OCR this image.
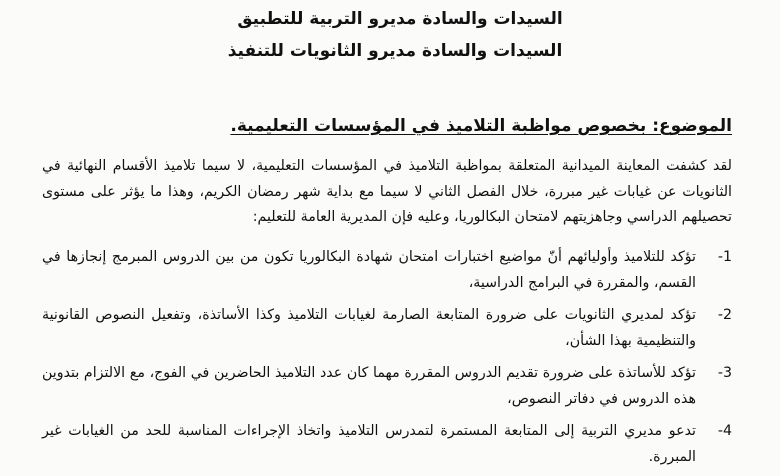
السيدات والسادة مديرو التربية للتطبيق
السيدات والسادة مديرو الثانويات للتنفيذ
الموضوع: بخصوص مواظبة التلاميذ في المؤسسات التعليمية.
لقد كشفت المعاينة الميدانية المتعلقة بمواظبة التلاميذ في المؤسسات التعليمية، لا سيما تلاميذ الأقسام النهائية في الثانويات عن غيابات غير مبررة، خلال الفصل الثاني لا سيما مع بداية شهر رمضان الكريم، وهذا ما يؤثر على مستوى تحصيلهم الدراسي وجاهزيتهم لامتحان البكالوريا، وعليه فإن المديرية العامة للتعليم:
-1
تؤكد للتلاميذ وأوليائهم أنّ مواضيع اختبارات امتحان شهادة البكالوريا تكون من بين الدروس المبرمج إنجازها في القسم، والمقررة في البرامج الدراسية،
-2
تؤكد لمديري الثانويات على ضرورة المتابعة الصارمة لغيابات التلاميذ وكذا الأساتذة، وتفعيل النصوص القانونية والتنظيمية بهذا الشأن،
-3
تؤكد للأساتذة على ضرورة تقديم الدروس المقررة مهما كان عدد التلاميذ الحاضرين في الفوج، مع الالتزام بتدوين هذه الدروس في دفاتر النصوص،
-4
تدعو مديري التربية إلى المتابعة المستمرة لتمدرس التلاميذ واتخاذ الإجراءات المناسبة للحد من الغيابات غير المبررة.
